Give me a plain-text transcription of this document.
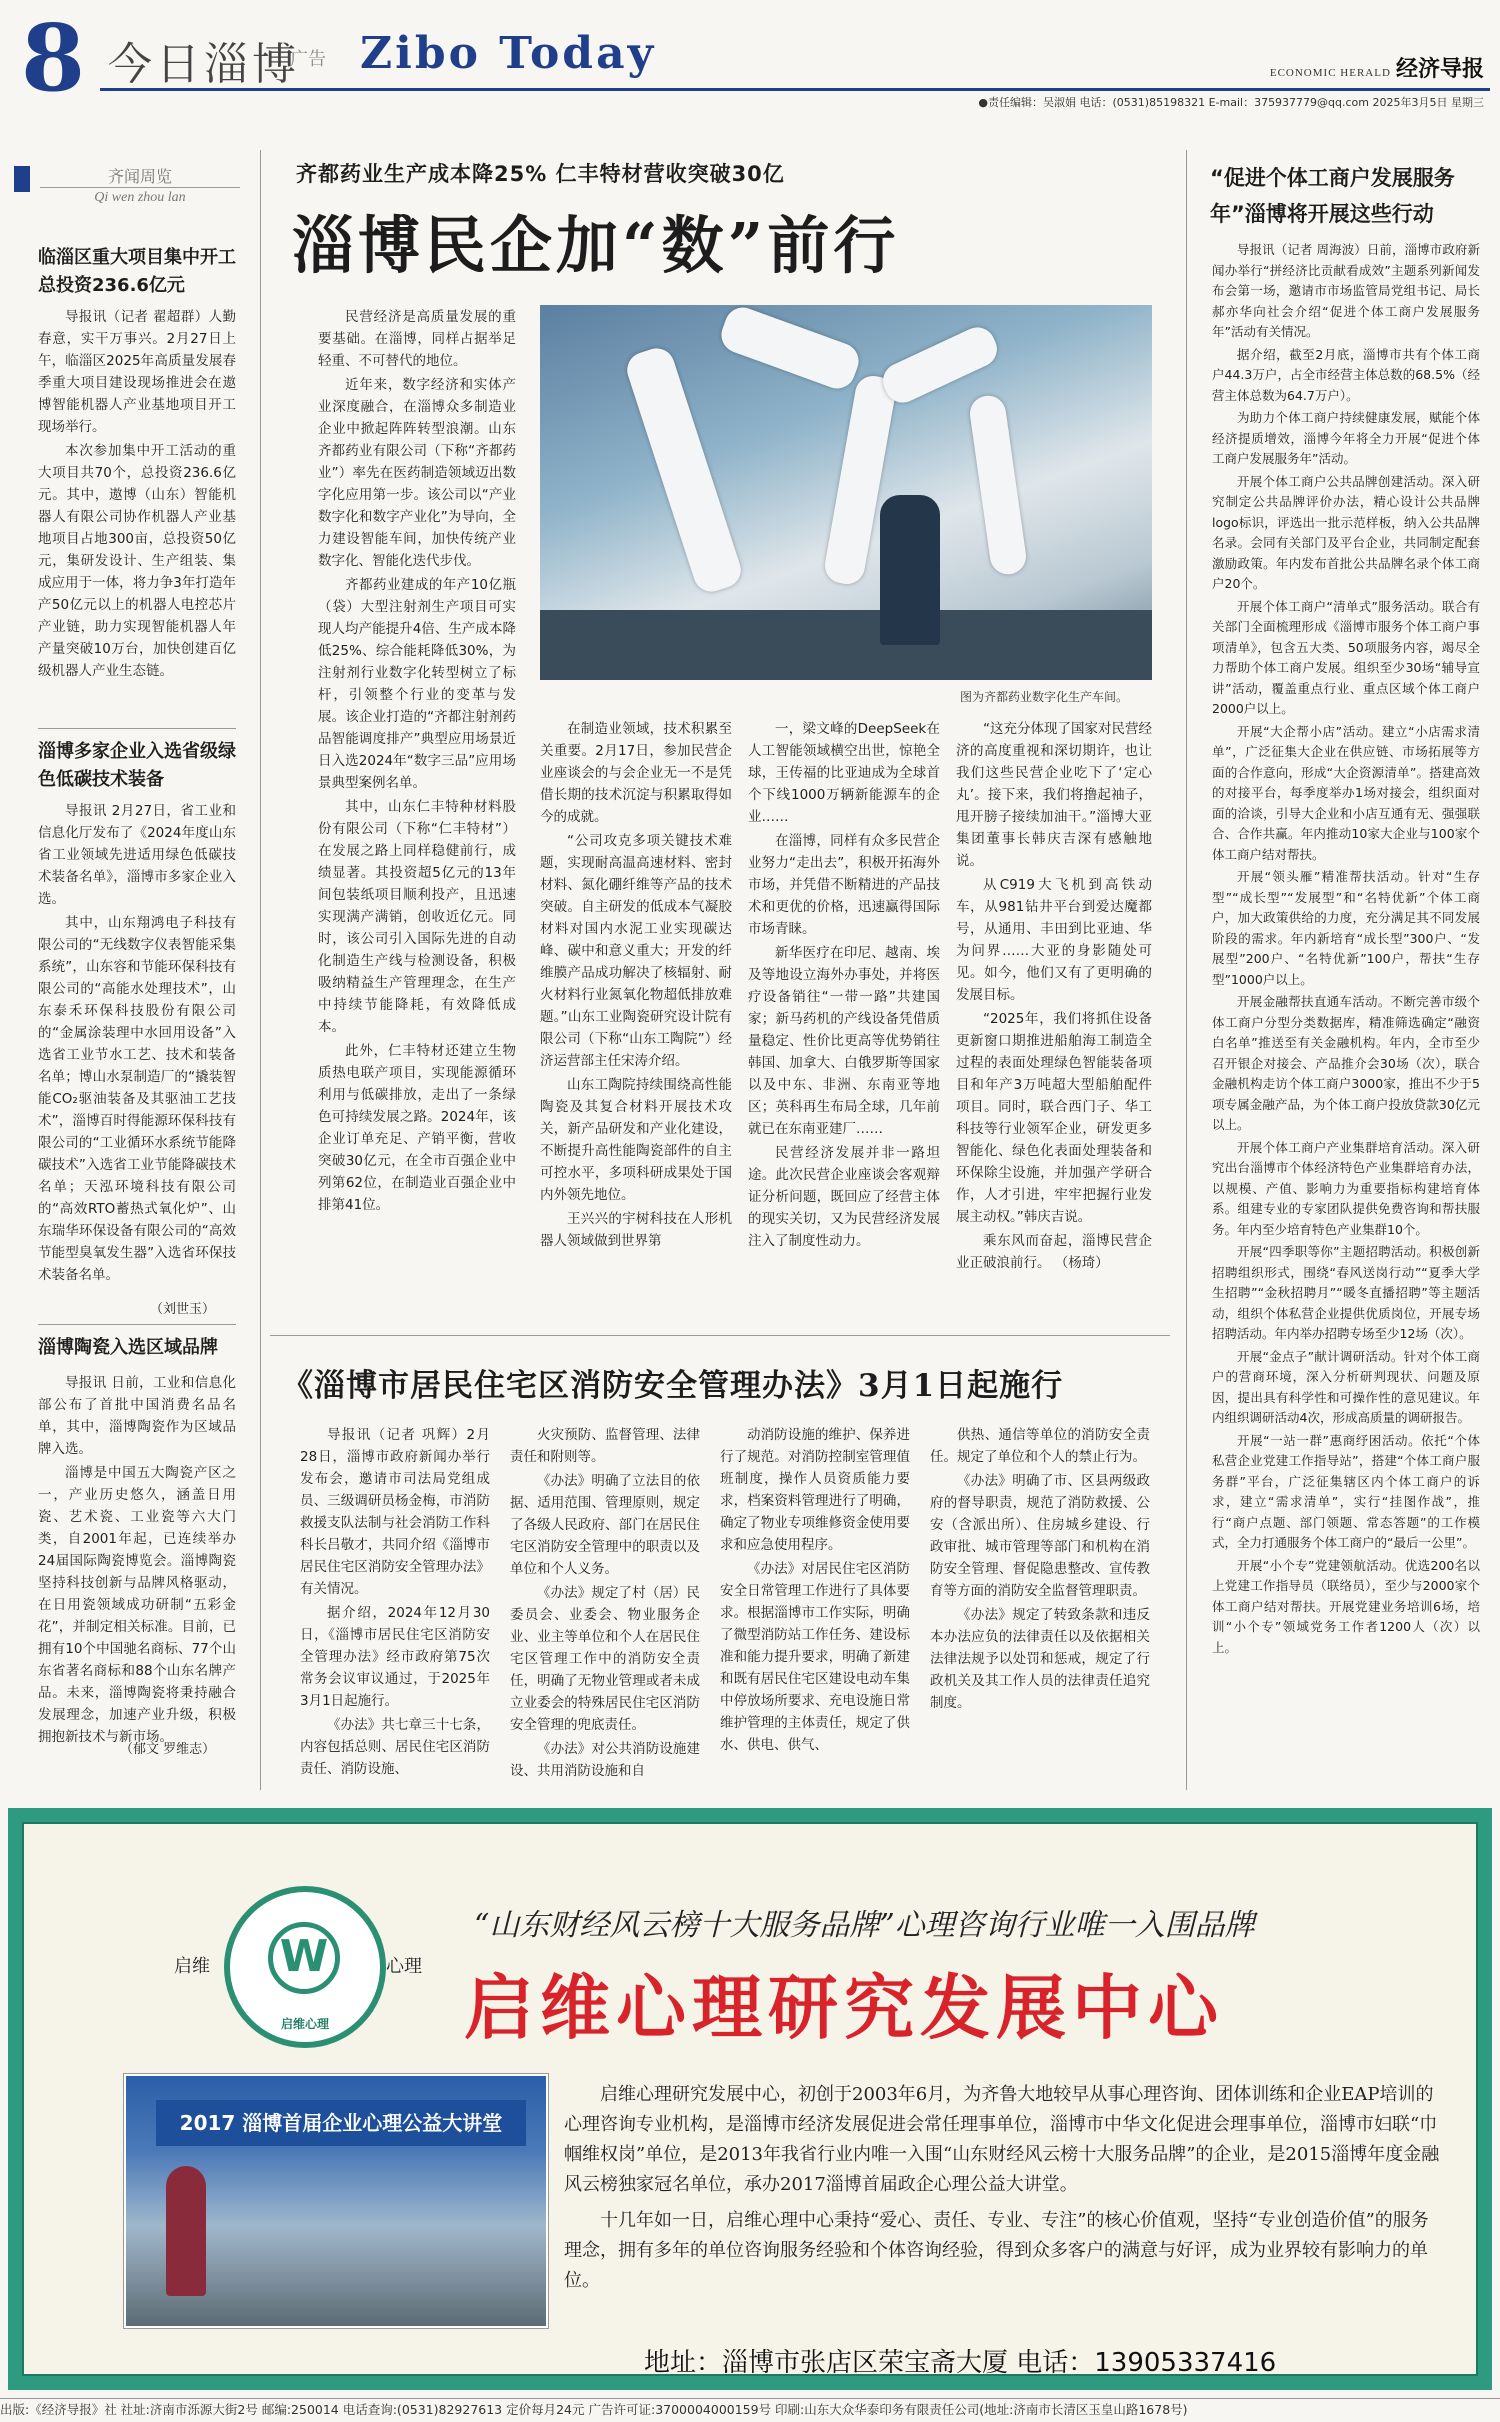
8 今日淄博
广告 Zibo Today	ECONOMIC HERALD 经济导报
●责任编辑：吴淑娟 电话：(0531)85198321 E-mail：375937779@qq.com 2025年3月5日 星期三
齐闻周览
Qi wen zhou lan
临淄区重大项目集中开工总投资236.6亿元

导报讯（记者 翟超群）人勤春意，实干万事兴。2月27日上午，临淄区2025年高质量发展春季重大项目建设现场推进会在遨博智能机器人产业基地项目开工现场举行。

本次参加集中开工活动的重大项目共70个，总投资236.6亿元。其中，遨博（山东）智能机器人有限公司协作机器人产业基地项目占地300亩，总投资50亿元，集研发设计、生产组装、集成应用于一体，将力争3年打造年产50亿元以上的机器人电控芯片产业链，助力实现智能机器人年产量突破10万台，加快创建百亿级机器人产业生态链。

淄博多家企业入选省级绿色低碳技术装备

导报讯 2月27日，省工业和信息化厅发布了《2024年度山东省工业领域先进适用绿色低碳技术装备名单》，淄博市多家企业入选。

其中，山东翔鸿电子科技有限公司的“无线数字仪表智能采集系统”，山东容和节能环保科技有限公司的“高能水处理技术”，山东泰禾环保科技股份有限公司的“金属涂装理中水回用设备”入选省工业节水工艺、技术和装备名单；博山水泵制造厂的“撬装智能CO₂驱油装备及其驱油工艺技术”，淄博百时得能源环保科技有限公司的“工业循环水系统节能降碳技术”入选省工业节能降碳技术名单；天泓环境科技有限公司的“高效RTO蓄热式氧化炉”、山东瑞华环保设备有限公司的“高效节能型臭氧发生器”入选省环保技术装备名单。

（刘世玉）
淄博陶瓷入选区域品牌

导报讯 日前，工业和信息化部公布了首批中国消费名品名单，其中，淄博陶瓷作为区域品牌入选。

淄博是中国五大陶瓷产区之一，产业历史悠久，涵盖日用瓷、艺术瓷、工业瓷等六大门类，自2001年起，已连续举办24届国际陶瓷博览会。淄博陶瓷坚持科技创新与品牌风格驱动，在日用瓷领域成功研制“五彩金花”，并制定相关标准。目前，已拥有10个中国驰名商标、77个山东省著名商标和88个山东名牌产品。未来，淄博陶瓷将秉持融合发展理念，加速产业升级，积极拥抱新技术与新市场。

（郁文 罗维志）
齐都药业生产成本降25% 仁丰特材营收突破30亿
淄博民企加“数”前行

民营经济是高质量发展的重要基础。在淄博，同样占据举足轻重、不可替代的地位。

近年来，数字经济和实体产业深度融合，在淄博众多制造业企业中掀起阵阵转型浪潮。山东齐都药业有限公司（下称“齐都药业”）率先在医药制造领域迈出数字化应用第一步。该公司以“产业数字化和数字产业化”为导向，全力建设智能车间，加快传统产业数字化、智能化迭代步伐。

齐都药业建成的年产10亿瓶（袋）大型注射剂生产项目可实现人均产能提升4倍、生产成本降低25%、综合能耗降低30%，为注射剂行业数字化转型树立了标杆，引领整个行业的变革与发展。该企业打造的“齐都注射剂药品智能调度排产”典型应用场景近日入选2024年“数字三品”应用场景典型案例名单。

其中，山东仁丰特种材料股份有限公司（下称“仁丰特材”）在发展之路上同样稳健前行，成绩显著。其投资超5亿元的13年间包装纸项目顺利投产，且迅速实现满产满销，创收近亿元。同时，该公司引入国际先进的自动化制造生产线与检测设备，积极吸纳精益生产管理理念，在生产中持续节能降耗，有效降低成本。

此外，仁丰特材还建立生物质热电联产项目，实现能源循环利用与低碳排放，走出了一条绿色可持续发展之路。2024年，该企业订单充足、产销平衡，营收突破30亿元，在全市百强企业中列第62位，在制造业百强企业中排第41位。

图为齐都药业数字化生产车间。

在制造业领域，技术积累至关重要。2月17日，参加民营企业座谈会的与会企业无一不是凭借长期的技术沉淀与积累取得如今的成就。

“公司攻克多项关键技术难题，实现耐高温高速材料、密封材料、氮化硼纤维等产品的技术突破。自主研发的低成本气凝胶材料对国内水泥工业实现碳达峰、碳中和意义重大；开发的纤维膜产品成功解决了核辐射、耐火材料行业氮氧化物超低排放难题。”山东工业陶瓷研究设计院有限公司（下称“山东工陶院”）经济运营部主任宋涛介绍。

山东工陶院持续围绕高性能陶瓷及其复合材料开展技术攻关，新产品研发和产业化建设，不断提升高性能陶瓷部件的自主可控水平，多项科研成果处于国内外领先地位。

王兴兴的宇树科技在人形机器人领域做到世界第

一，梁文峰的DeepSeek在人工智能领域横空出世，惊艳全球，王传福的比亚迪成为全球首个下线1000万辆新能源车的企业……

在淄博，同样有众多民营企业努力“走出去”，积极开拓海外市场，并凭借不断精进的产品技术和更优的价格，迅速赢得国际市场青睐。

新华医疗在印尼、越南、埃及等地设立海外办事处，并将医疗设备销往“一带一路”共建国家；新马药机的产线设备凭借质量稳定、性价比更高等优势销往韩国、加拿大、白俄罗斯等国家以及中东、非洲、东南亚等地区；英科再生布局全球，几年前就已在东南亚建厂……

民营经济发展并非一路坦途。此次民营企业座谈会客观辩证分析问题，既回应了经营主体的现实关切，又为民营经济发展注入了制度性动力。

“这充分体现了国家对民营经济的高度重视和深切期许，也让我们这些民营企业吃下了‘定心丸’。接下来，我们将撸起袖子，甩开膀子接续加油干。”淄博大亚集团董事长韩庆吉深有感触地说。

从C919大飞机到高铁动车，从981钻井平台到爱达魔都号，从通用、丰田到比亚迪、华为问界……大亚的身影随处可见。如今，他们又有了更明确的发展目标。

“2025年，我们将抓住设备更新窗口期推进船舶海工制造全过程的表面处理绿色智能装备项目和年产3万吨超大型船舶配件项目。同时，联合西门子、华工科技等行业领军企业，研发更多智能化、绿色化表面处理装备和环保除尘设施，并加强产学研合作，人才引进，牢牢把握行业发展主动权。”韩庆吉说。

乘东风而奋起，淄博民营企业正破浪前行。 （杨琦）

《淄博市居民住宅区消防安全管理办法》3月1日起施行

导报讯（记者 巩辉）2月28日，淄博市政府新闻办举行发布会，邀请市司法局党组成员、三级调研员杨金梅，市消防救援支队法制与社会消防工作科科长吕敬才，共同介绍《淄博市居民住宅区消防安全管理办法》有关情况。

据介绍，2024年12月30日，《淄博市居民住宅区消防安全管理办法》经市政府第75次常务会议审议通过，于2025年3月1日起施行。

《办法》共七章三十七条，内容包括总则、居民住宅区消防责任、消防设施、

火灾预防、监督管理、法律责任和附则等。

《办法》明确了立法目的依据、适用范围、管理原则，规定了各级人民政府、部门在居民住宅区消防安全管理中的职责以及单位和个人义务。

《办法》规定了村（居）民委员会、业委会、物业服务企业、业主等单位和个人在居民住宅区管理工作中的消防安全责任，明确了无物业管理或者未成立业委会的特殊居民住宅区消防安全管理的兜底责任。

《办法》对公共消防设施建设、共用消防设施和自

动消防设施的维护、保养进行了规范。对消防控制室管理值班制度，操作人员资质能力要求，档案资料管理进行了明确，确定了物业专项维修资金使用要求和应急使用程序。

《办法》对居民住宅区消防安全日常管理工作进行了具体要求。根据淄博市工作实际，明确了微型消防站工作任务、建设标准和能力提升要求，明确了新建和既有居民住宅区建设电动车集中停放场所要求、充电设施日常维护管理的主体责任，规定了供水、供电、供气、

供热、通信等单位的消防安全责任。规定了单位和个人的禁止行为。

《办法》明确了市、区县两级政府的督导职责，规范了消防救援、公安（含派出所）、住房城乡建设、行政审批、城市管理等部门和机构在消防安全管理、督促隐患整改、宣传教育等方面的消防安全监督管理职责。

《办法》规定了转致条款和违反本办法应负的法律责任以及依据相关法律法规予以处罚和惩戒，规定了行政机关及其工作人员的法律责任追究制度。

“促进个体工商户发展服务年”淄博将开展这些行动

导报讯（记者 周海波）日前，淄博市政府新闻办举行“拼经济比贡献看成效”主题系列新闻发布会第一场，邀请市市场监管局党组书记、局长郝亦华向社会介绍“促进个体工商户发展服务年”活动有关情况。

据介绍，截至2月底，淄博市共有个体工商户44.3万户，占全市经营主体总数的68.5%（经营主体总数为64.7万户）。

为助力个体工商户持续健康发展，赋能个体经济提质增效，淄博今年将全力开展“促进个体工商户发展服务年”活动。

开展个体工商户公共品牌创建活动。深入研究制定公共品牌评价办法，精心设计公共品牌logo标识，评选出一批示范样板，纳入公共品牌名录。会同有关部门及平台企业，共同制定配套激励政策。年内发布首批公共品牌名录个体工商户20个。

开展个体工商户“清单式”服务活动。联合有关部门全面梳理形成《淄博市服务个体工商户事项清单》，包含五大类、50项服务内容，竭尽全力帮助个体工商户发展。组织至少30场“辅导宣讲”活动，覆盖重点行业、重点区域个体工商户2000户以上。

开展“大企帮小店”活动。建立“小店需求清单”，广泛征集大企业在供应链、市场拓展等方面的合作意向，形成“大企资源清单”。搭建高效的对接平台，每季度举办1场对接会，组织面对面的洽谈，引导大企业和小店互通有无、强强联合、合作共赢。年内推动10家大企业与100家个体工商户结对帮扶。

开展“领头雁”精准帮扶活动。针对“生存型”“成长型”“发展型”和“名特优新”个体工商户，加大政策供给的力度，充分满足其不同发展阶段的需求。年内新培育“成长型”300户、“发展型”200户、“名特优新”100户，帮扶“生存型”1000户以上。

开展金融帮扶直通车活动。不断完善市级个体工商户分型分类数据库，精准筛选确定“融资白名单”推送至有关金融机构。年内，全市至少召开银企对接会、产品推介会30场（次），联合金融机构走访个体工商户3000家，推出不少于5项专属金融产品，为个体工商户投放贷款30亿元以上。

开展个体工商户产业集群培育活动。深入研究出台淄博市个体经济特色产业集群培育办法，以规模、产值、影响力为重要指标构建培育体系。组建专业的专家团队提供免费咨询和帮扶服务。年内至少培育特色产业集群10个。

开展“四季职等你”主题招聘活动。积极创新招聘组织形式，围绕“春风送岗行动”“夏季大学生招聘”“金秋招聘月”“暖冬直播招聘”等主题活动，组织个体私营企业提供优质岗位，开展专场招聘活动。年内举办招聘专场至少12场（次）。

开展“金点子”献计调研活动。针对个体工商户的营商环境，深入分析研判现状、问题及原因，提出具有科学性和可操作性的意见建议。年内组织调研活动4次，形成高质量的调研报告。

开展“一站一群”惠商纾困活动。依托“个体私营企业党建工作指导站”，搭建“个体工商户服务群”平台，广泛征集辖区内个体工商户的诉求，建立“需求清单”，实行“挂图作战”，推行“商户点题、部门领题、常态答题”的工作模式，全力打通服务个体工商户的“最后一公里”。

开展“小个专”党建领航活动。优选200名以上党建工作指导员（联络员），至少与2000家个体工商户结对帮扶。开展党建业务培训6场，培训“小个专”领域党务工作者1200人（次）以上。

启维 W
启维心理
心理
“山东财经风云榜十大服务品牌”心理咨询行业唯一入围品牌
启维心理研究发展中心
2017 淄博首届企业心理公益大讲堂

启维心理研究发展中心，初创于2003年6月，为齐鲁大地较早从事心理咨询、团体训练和企业EAP培训的心理咨询专业机构，是淄博市经济发展促进会常任理事单位，淄博市中华文化促进会理事单位，淄博市妇联“巾帼维权岗”单位，是2013年我省行业内唯一入围“山东财经风云榜十大服务品牌”的企业，是2015淄博年度金融风云榜独家冠名单位，承办2017淄博首届政企心理公益大讲堂。

十几年如一日，启维心理中心秉持“爱心、责任、专业、专注”的核心价值观，坚持“专业创造价值”的服务理念，拥有多年的单位咨询服务经验和个体咨询经验，得到众多客户的满意与好评，成为业界较有影响力的单位。

地址：淄博市张店区荣宝斋大厦 电话：13905337416
出版:《经济导报》社 社址:济南市泺源大街2号 邮编:250014 电话查询:(0531)82927613 定价每月24元 广告许可证:3700004000159号 印刷:山东大众华泰印务有限责任公司(地址:济南市长清区玉皇山路1678号)
